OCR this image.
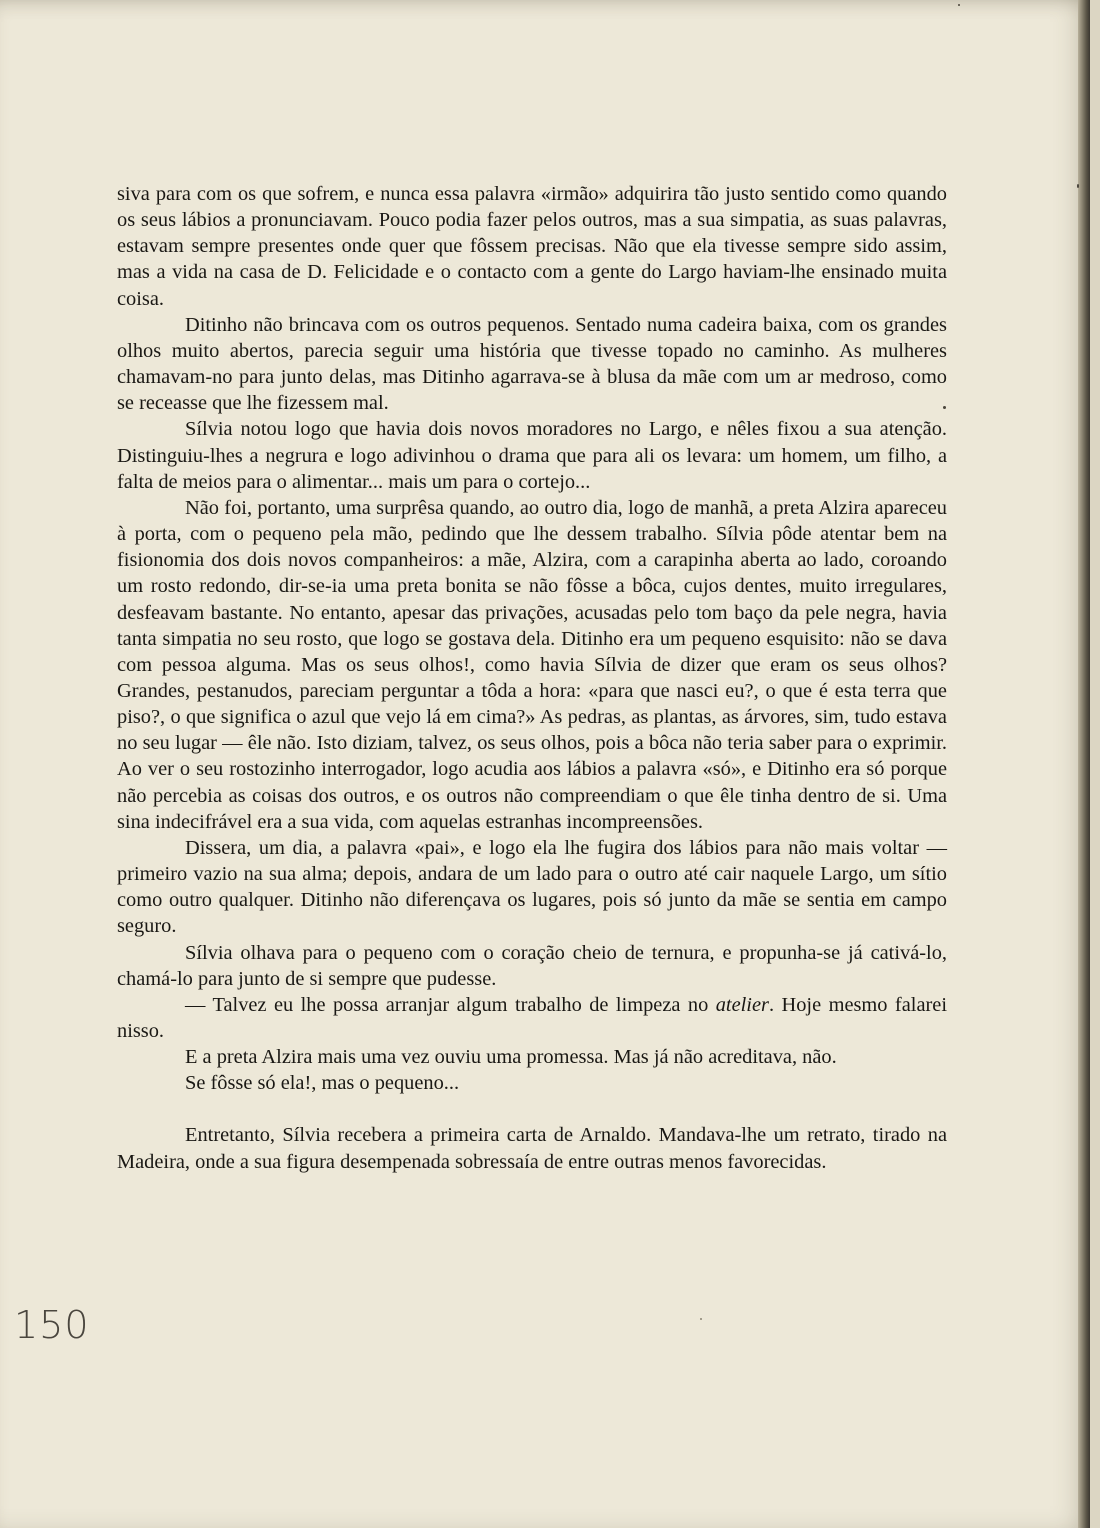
siva para com os que sofrem, e nunca essa palavra «irmão» adquirira tão justo sentido como quando os seus lábios a pronunciavam. Pouco podia fazer pelos outros, mas a sua simpatia, as suas palavras, estavam sempre presentes onde quer que fôssem precisas. Não que ela tivesse sempre sido assim, mas a vida na casa de D. Felicidade e o contacto com a gente do Largo haviam-lhe ensinado muita coisa.

Ditinho não brincava com os outros pequenos. Sentado numa cadeira baixa, com os grandes olhos muito abertos, parecia seguir uma história que tivesse topado no caminho. As mulheres chamavam-no para junto delas, mas Ditinho agarrava-se à blusa da mãe com um ar medroso, como se receasse que lhe fizessem mal.

Sílvia notou logo que havia dois novos moradores no Largo, e nêles fixou a sua atenção. Distinguiu-lhes a negrura e logo adivinhou o drama que para ali os levara: um homem, um filho, a falta de meios para o alimentar... mais um para o cortejo...

Não foi, portanto, uma surprêsa quando, ao outro dia, logo de manhã, a preta Alzira apareceu à porta, com o pequeno pela mão, pedindo que lhe dessem trabalho. Sílvia pôde atentar bem na fisionomia dos dois novos companheiros: a mãe, Alzira, com a carapinha aberta ao lado, coroando um rosto redondo, dir-se-ia uma preta bonita se não fôsse a bôca, cujos dentes, muito irregulares, desfeavam bastante. No entanto, apesar das privações, acusadas pelo tom baço da pele negra, havia tanta simpatia no seu rosto, que logo se gostava dela. Ditinho era um pequeno esquisito: não se dava com pessoa alguma. Mas os seus olhos!, como havia Sílvia de dizer que eram os seus olhos? Grandes, pestanudos, pareciam perguntar a tôda a hora: «para que nasci eu?, o que é esta terra que piso?, o que significa o azul que vejo lá em cima?» As pedras, as plantas, as árvores, sim, tudo estava no seu lugar — êle não. Isto diziam, talvez, os seus olhos, pois a bôca não teria saber para o exprimir. Ao ver o seu rostozinho interrogador, logo acudia aos lábios a palavra «só», e Ditinho era só porque não percebia as coisas dos outros, e os outros não compreendiam o que êle tinha dentro de si. Uma sina indecifrável era a sua vida, com aquelas estranhas incompreensões.

Dissera, um dia, a palavra «pai», e logo ela lhe fugira dos lábios para não mais voltar — primeiro vazio na sua alma; depois, andara de um lado para o outro até cair naquele Largo, um sítio como outro qualquer. Ditinho não diferençava os lugares, pois só junto da mãe se sentia em campo seguro.

Sílvia olhava para o pequeno com o coração cheio de ternura, e propunha-se já cativá-lo, chamá-lo para junto de si sempre que pudesse.

— Talvez eu lhe possa arranjar algum trabalho de limpeza no atelier. Hoje mesmo falarei nisso.

E a preta Alzira mais uma vez ouviu uma promessa. Mas já não acreditava, não.

Se fôsse só ela!, mas o pequeno...

Entretanto, Sílvia recebera a primeira carta de Arnaldo. Mandava-lhe um retrato, tirado na Madeira, onde a sua figura desempenada sobressaía de entre outras menos favorecidas.

150
